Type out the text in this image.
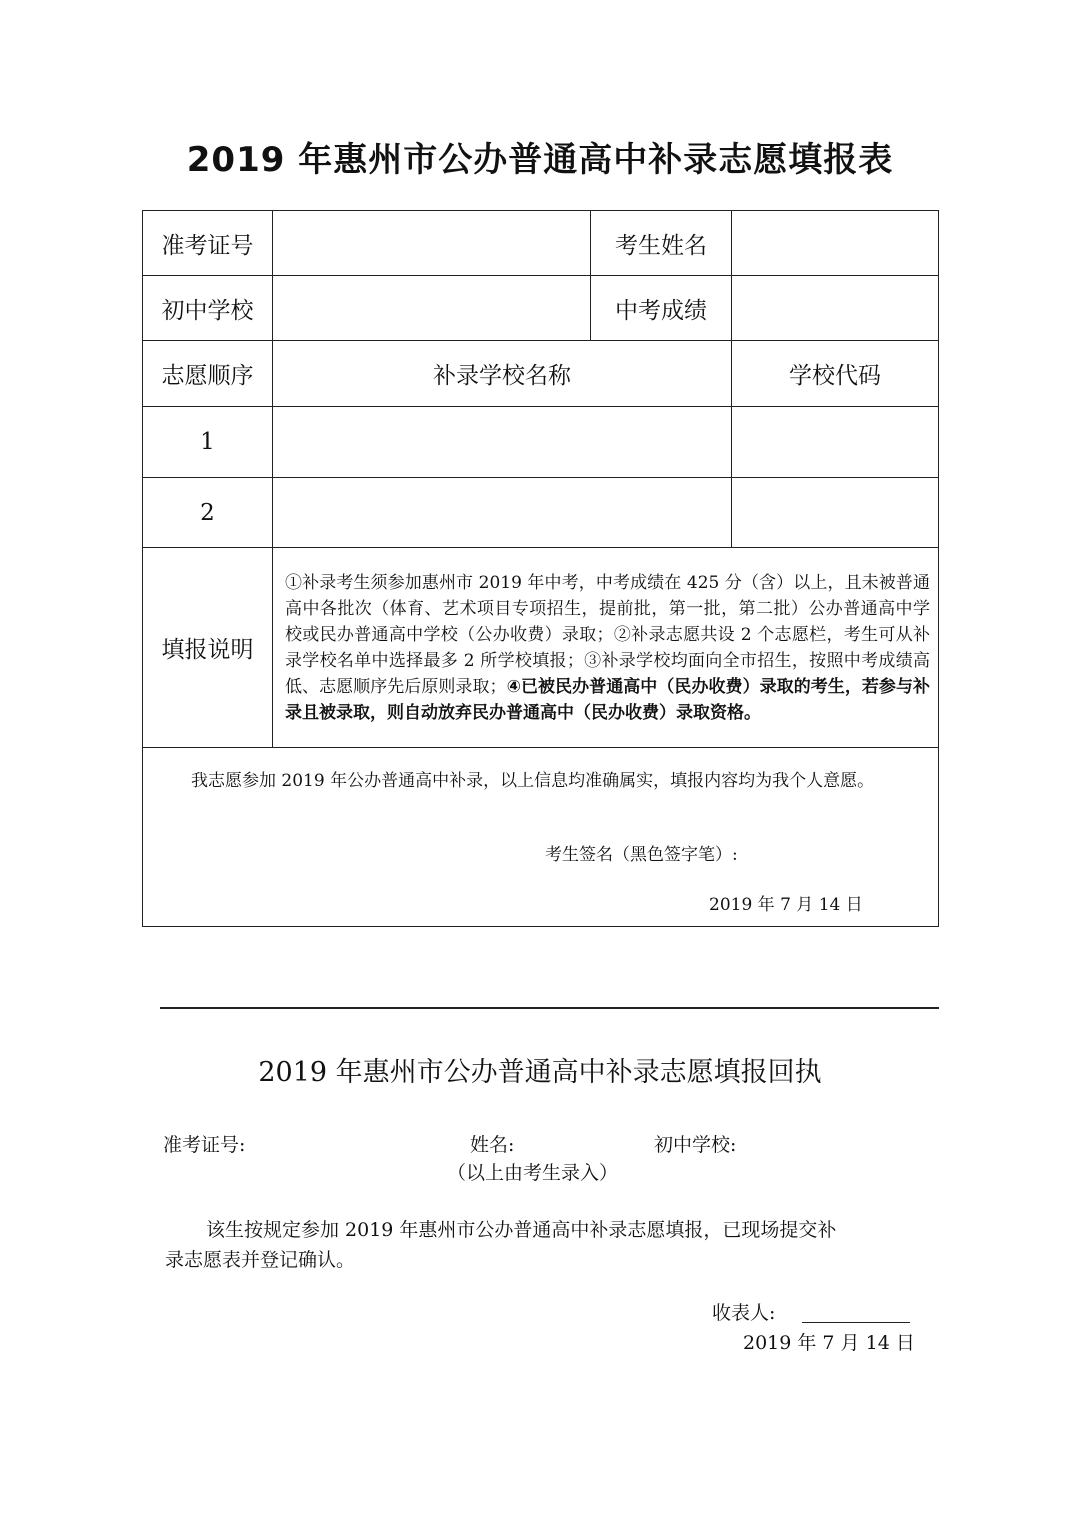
2019 年惠州市公办普通高中补录志愿填报表
准考证号		考生姓名	
初中学校		中考成绩	
志愿顺序	补录学校名称		学校代码
1			
2			
填报说明	①补录考生须参加惠州市 2019 年中考，中考成绩在 425 分（含）以上，且未被普通高中各批次（体育、艺术项目专项招生，提前批，第一批，第二批）公办普通高中学校或民办普通高中学校（公办收费）录取；②补录志愿共设 2 个志愿栏，考生可从补录学校名单中选择最多 2 所学校填报；③补录学校均面向全市招生，按照中考成绩高低、志愿顺序先后原则录取；④已被民办普通高中（民办收费）录取的考生，若参与补录且被录取，则自动放弃民办普通高中（民办收费）录取资格。		

我志愿参加 2019 年公办普通高中补录，以上信息均准确属实，填报内容均为我个人意愿。
考生签名（黑色签字笔）:
2019 年 7 月 14 日			
2019 年惠州市公办普通高中补录志愿填报回执
准考证号:	姓名:	初中学校:
（以上由考生录入）
该生按规定参加 2019 年惠州市公办普通高中补录志愿填报，已现场提交补
录志愿表并登记确认。
收表人:
2019 年 7 月 14 日
